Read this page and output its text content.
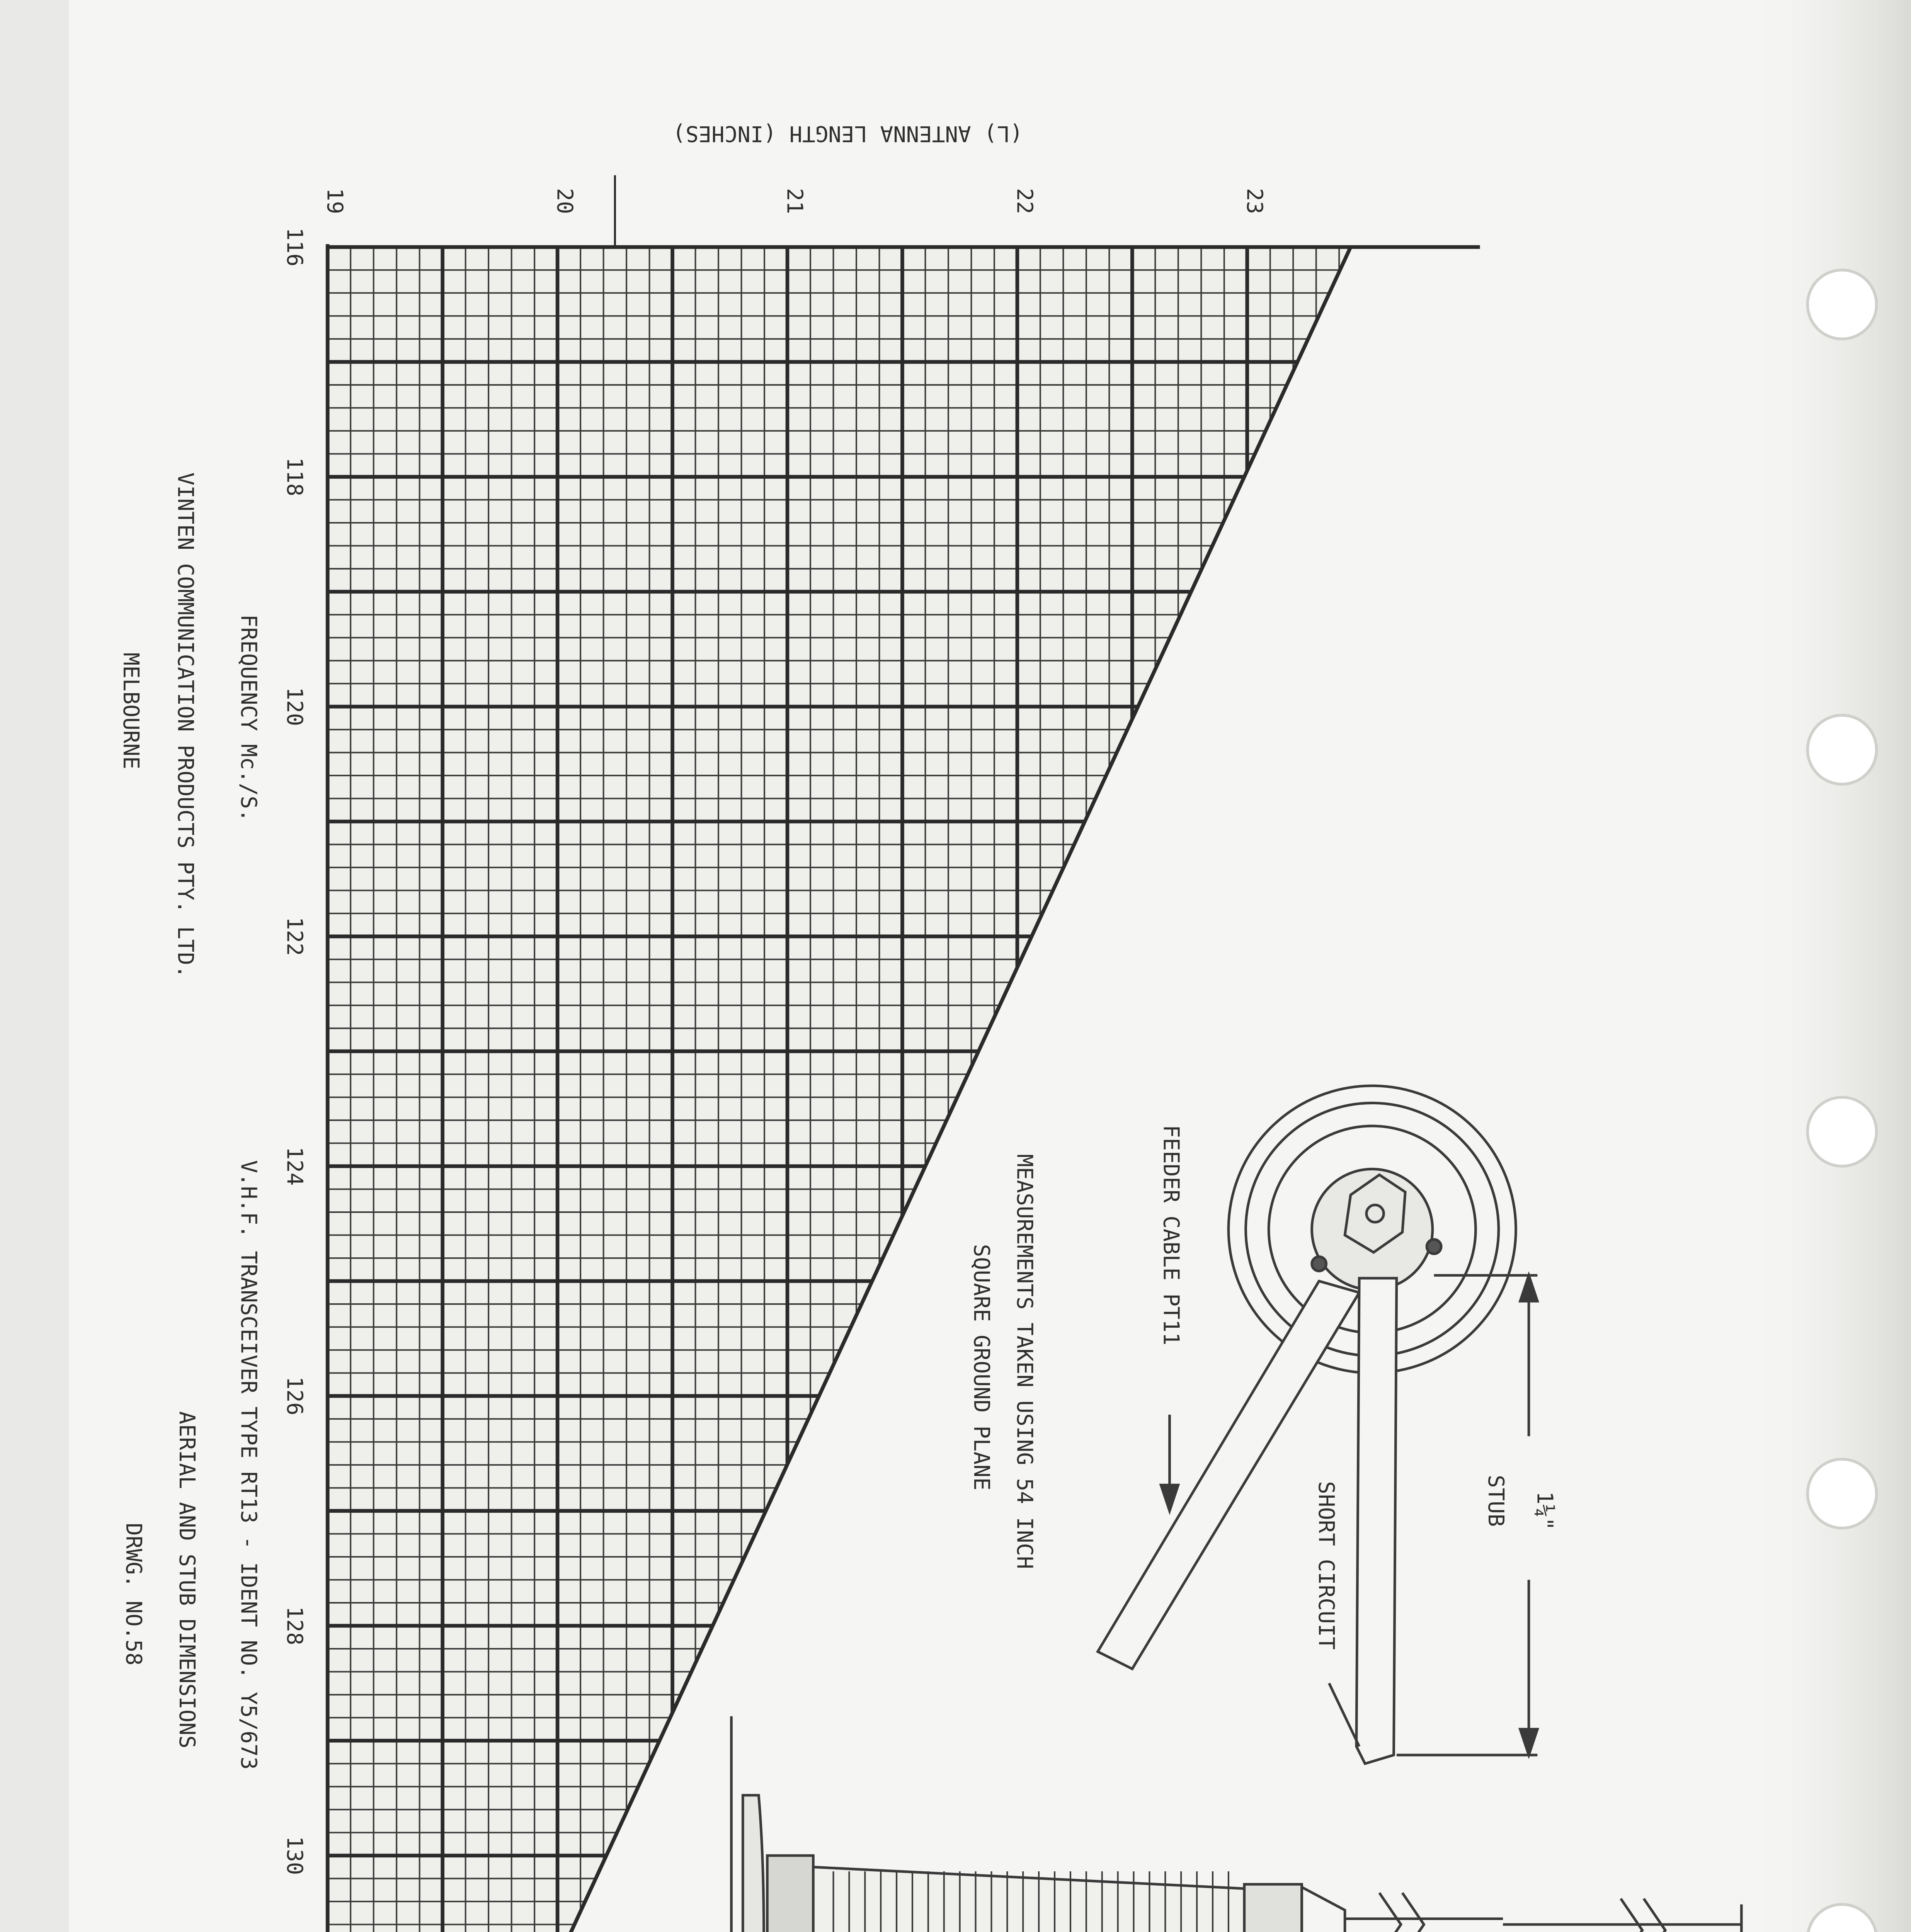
116
118
120
122
124
126
128
130
19	20	21	22	23
FREQUENCY Mc./S.
(L) ANTENNA LENGTH (INCHES)
V.H.F. TRANSCEIVER TYPE RT13 - IDENT NO. Y5/673
AERIAL AND STUB DIMENSIONS
DRWG. NO.58
VINTEN COMMUNICATION PRODUCTS PTY. LTD.
MELBOURNE
FEEDER CABLE PT11
SHORT CIRCUIT	1¼"
STUB
MEASUREMENTS TAKEN USING 54 INCH
SQUARE GROUND PLANE
